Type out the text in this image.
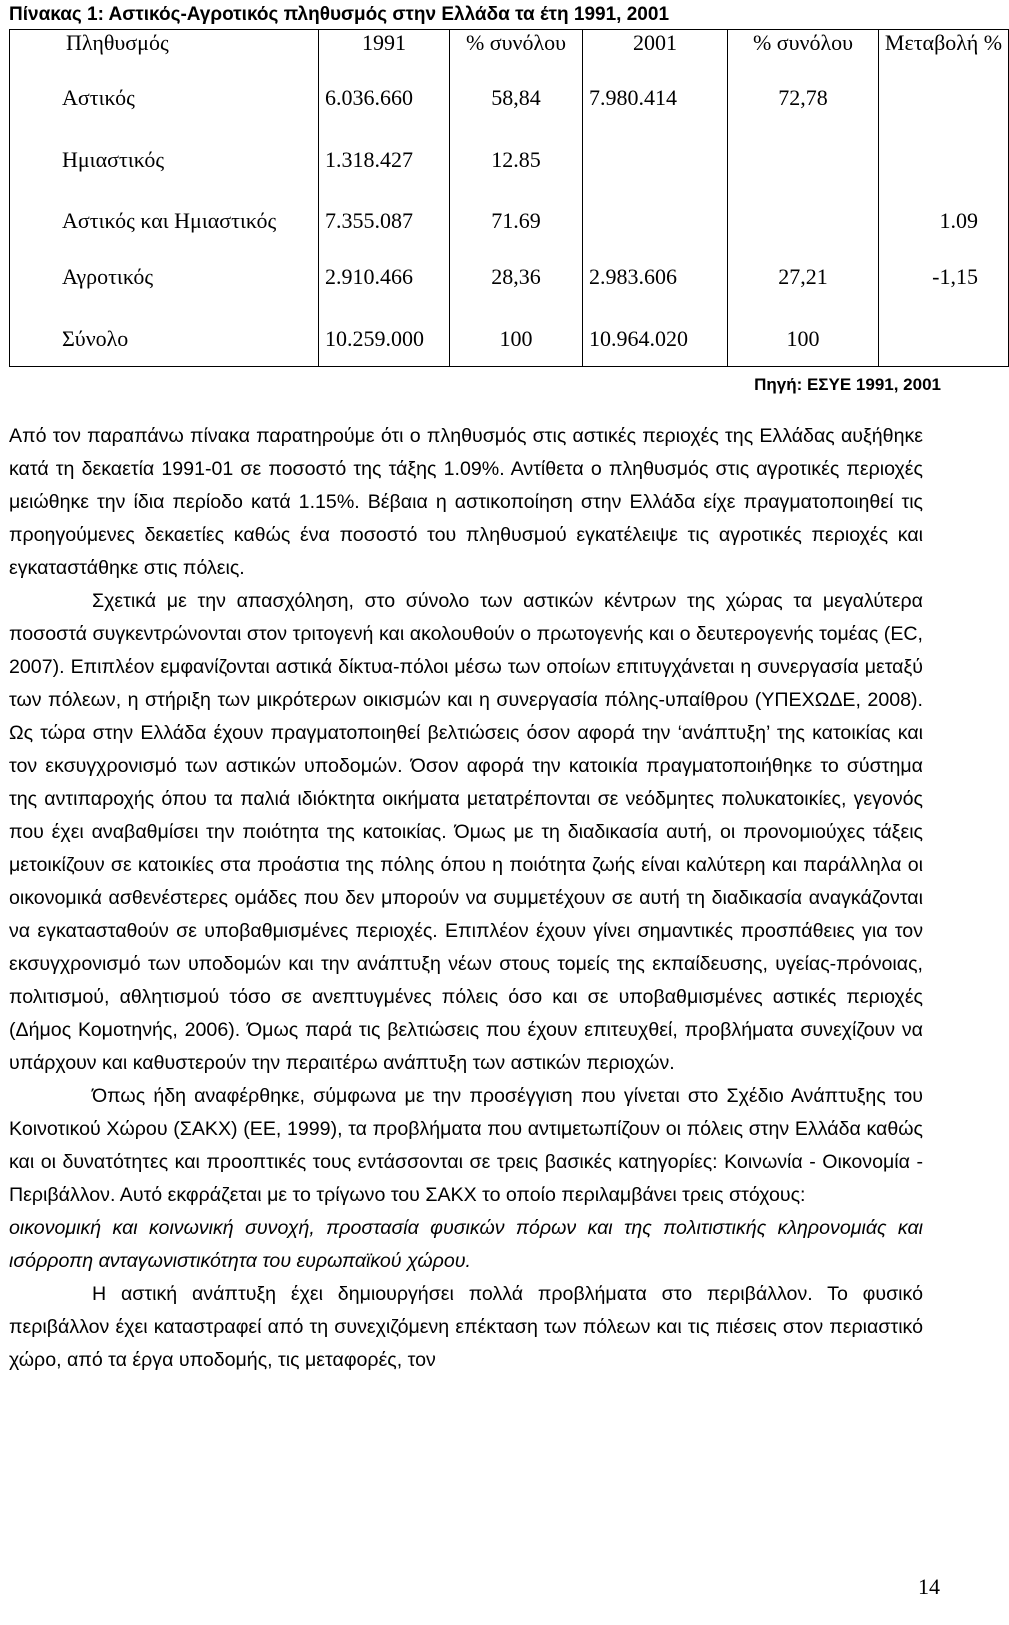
Πίνακας 1: Αστικός-Αγροτικός πληθυσμός στην Ελλάδα τα έτη 1991, 2001
Πληθυσμός	1991	% συνόλου	2001	% συνόλου	Μεταβολή %

Αστικός	6.036.660	58,84	7.980.414	72,78	
Ημιαστικός	1.318.427	12.85			
Αστικός και Ημιαστικός	7.355.087	71.69			1.09
Αγροτικός	2.910.466	28,36	2.983.606	27,21	-1,15
Σύνολο	10.259.000	100	10.964.020	100	
Πηγή: ΕΣΥΕ 1991, 2001

Από τον παραπάνω πίνακα παρατηρούμε ότι ο πληθυσμός στις αστικές περιοχές της Ελλάδας αυξήθηκε κατά τη δεκαετία 1991-01 σε ποσοστό της τάξης 1.09%. Αντίθετα ο πληθυσμός στις αγροτικές περιοχές μειώθηκε την ίδια περίοδο κατά 1.15%. Βέβαια η αστικοποίηση στην Ελλάδα είχε πραγματοποιηθεί τις προηγούμενες δεκαετίες καθώς ένα ποσοστό του πληθυσμού εγκατέλειψε τις αγροτικές περιοχές και εγκαταστάθηκε στις πόλεις.

Σχετικά με την απασχόληση, στο σύνολο των αστικών κέντρων της χώρας τα μεγαλύτερα ποσοστά συγκεντρώνονται στον τριτογενή και ακολουθούν ο πρωτογενής και ο δευτερογενής τομέας (EC, 2007). Επιπλέον εμφανίζονται αστικά δίκτυα-πόλοι μέσω των οποίων επιτυγχάνεται η συνεργασία μεταξύ των πόλεων, η στήριξη των μικρότερων οικισμών και η συνεργασία πόλης-υπαίθρου (ΥΠΕΧΩΔΕ, 2008). Ως τώρα στην Ελλάδα έχουν πραγματοποιηθεί βελτιώσεις όσον αφορά την ‘ανάπτυξη’ της κατοικίας και τον εκσυγχρονισμό των αστικών υποδομών. Όσον αφορά την κατοικία πραγματοποιήθηκε το σύστημα της αντιπαροχής όπου τα παλιά ιδιόκτητα οικήματα μετατρέπονται σε νεόδμητες πολυκατοικίες, γεγονός που έχει αναβαθμίσει την ποιότητα της κατοικίας. Όμως με τη διαδικασία αυτή, οι προνομιούχες τάξεις μετοικίζουν σε κατοικίες στα προάστια της πόλης όπου η ποιότητα ζωής είναι καλύτερη και παράλληλα οι οικονομικά ασθενέστερες ομάδες που δεν μπορούν να συμμετέχουν σε αυτή τη διαδικασία αναγκάζονται να εγκατασταθούν σε υποβαθμισμένες περιοχές. Επιπλέον έχουν γίνει σημαντικές προσπάθειες για τον εκσυγχρονισμό των υποδομών και την ανάπτυξη νέων στους τομείς της εκπαίδευσης, υγείας-πρόνοιας, πολιτισμού, αθλητισμού τόσο σε ανεπτυγμένες πόλεις όσο και σε υποβαθμισμένες αστικές περιοχές (Δήμος Κομοτηνής, 2006). Όμως παρά τις βελτιώσεις που έχουν επιτευχθεί, προβλήματα συνεχίζουν να υπάρχουν και καθυστερούν την περαιτέρω ανάπτυξη των αστικών περιοχών.

Όπως ήδη αναφέρθηκε, σύμφωνα με την προσέγγιση που γίνεται στο Σχέδιο Ανάπτυξης του Κοινοτικού Χώρου (ΣΑΚΧ) (ΕΕ, 1999), τα προβλήματα που αντιμετωπίζουν οι πόλεις στην Ελλάδα καθώς και οι δυνατότητες και προοπτικές τους εντάσσονται σε τρεις βασικές κατηγορίες: Κοινωνία - Οικονομία - Περιβάλλον. Αυτό εκφράζεται με το τρίγωνο του ΣΑΚΧ το οποίο περιλαμβάνει τρεις στόχους:

οικονομική και κοινωνική συνοχή, προστασία φυσικών πόρων και της πολιτιστικής κληρονομιάς και ισόρροπη ανταγωνιστικότητα του ευρωπαϊκού χώρου.

Η αστική ανάπτυξη έχει δημιουργήσει πολλά προβλήματα στο περιβάλλον. Το φυσικό περιβάλλον έχει καταστραφεί από τη συνεχιζόμενη επέκταση των πόλεων και τις πιέσεις στον περιαστικό χώρο, από τα έργα υποδομής, τις μεταφορές, τον

14
